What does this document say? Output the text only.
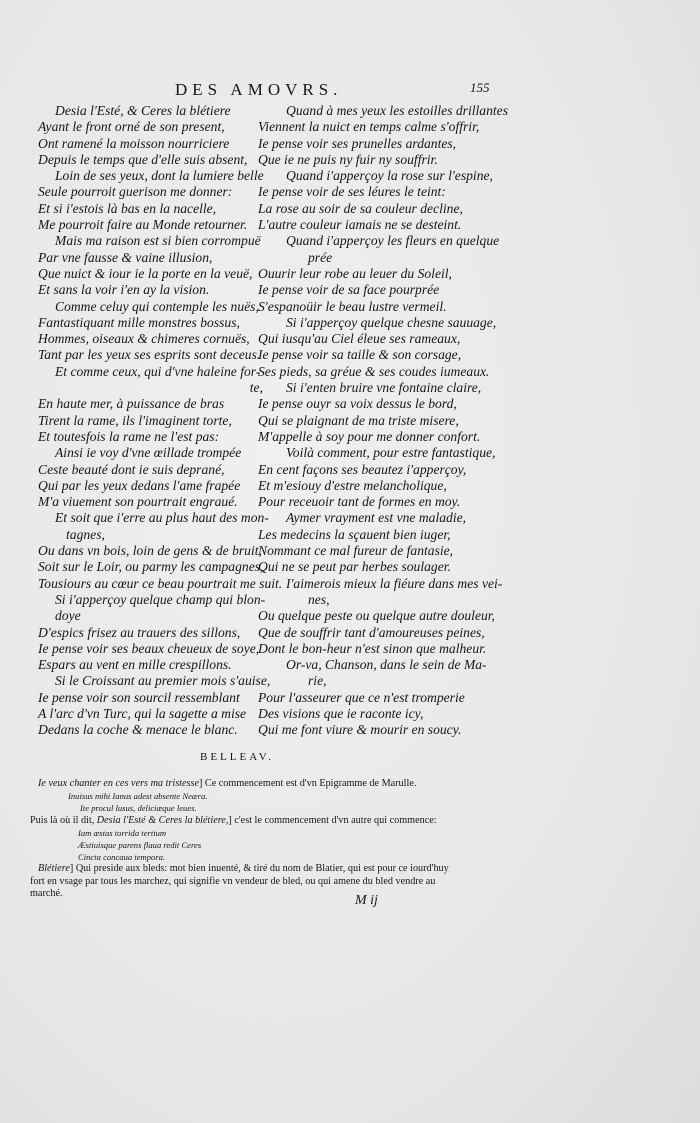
DES AMOVRS.	155
Desia l'Esté, & Ceres la blétiere
Ayant le front orné de son present,
Ont ramené la moisson nourriciere
Depuis le temps que d'elle suis absent,
Loin de ses yeux, dont la lumiere belle
Seule pourroit guerison me donner:
Et si i'estois là bas en la nacelle,
Me pourroit faire au Monde retourner.
Mais ma raison est si bien corrompuë
Par vne fausse & vaine illusion,
Que nuict & iour ie la porte en la veuë,
Et sans la voir i'en ay la vision.
Comme celuy qui contemple les nuës,
Fantastiquant mille monstres bossus,
Hommes, oiseaux & chimeres cornuës,
Tant par les yeux ses esprits sont deceus.
Et comme ceux, qui d'vne haleine for-
te,
En haute mer, à puissance de bras
Tirent la rame, ils l'imaginent torte,
Et toutesfois la rame ne l'est pas:
Ainsi ie voy d'vne œillade trompée
Ceste beauté dont ie suis deprané,
Qui par les yeux dedans l'ame frapée
M'a viuement son pourtrait engraué.
Et soit que i'erre au plus haut des mon-
tagnes,
Ou dans vn bois, loin de gens & de bruit,
Soit sur le Loir, ou parmy les campagnes,
Tousiours au cœur ce beau pourtrait me suit.
Si i'apperçoy quelque champ qui blon-
doye
D'espics frisez au trauers des sillons,
Ie pense voir ses beaux cheueux de soye,
Espars au vent en mille crespillons.
Si le Croissant au premier mois s'auise,
Ie pense voir son sourcil ressemblant
A l'arc d'vn Turc, qui la sagette a mise
Dedans la coche & menace le blanc.
Quand à mes yeux les estoilles drillantes
Viennent la nuict en temps calme s'offrir,
Ie pense voir ses prunelles ardantes,
Que ie ne puis ny fuir ny souffrir.
Quand i'apperçoy la rose sur l'espine,
Ie pense voir de ses léures le teint:
La rose au soir de sa couleur decline,
L'autre couleur iamais ne se desteint.
Quand i'apperçoy les fleurs en quelque
prée
Ouurir leur robe au leuer du Soleil,
Ie pense voir de sa face pourprée
S'espanoüir le beau lustre vermeil.
Si i'apperçoy quelque chesne sauuage,
Qui iusqu'au Ciel éleue ses rameaux,
Ie pense voir sa taille & son corsage,
Ses pieds, sa gréue & ses coudes iumeaux.
Si i'enten bruire vne fontaine claire,
Ie pense ouyr sa voix dessus le bord,
Qui se plaignant de ma triste misere,
M'appelle à soy pour me donner confort.
Voilà comment, pour estre fantastique,
En cent façons ses beautez i'apperçoy,
Et m'esiouy d'estre melancholique,
Pour receuoir tant de formes en moy.
Aymer vrayment est vne maladie,
Les medecins la sçauent bien iuger,
Nommant ce mal fureur de fantasie,
Qui ne se peut par herbes soulager.
I'aimerois mieux la fiéure dans mes vei-
nes,
Ou quelque peste ou quelque autre douleur,
Que de souffrir tant d'amoureuses peines,
Dont le bon-heur n'est sinon que malheur.
Or-va, Chanson, dans le sein de Ma-
rie,
Pour l'asseurer que ce n'est tromperie
Des visions que ie raconte icy,
Qui me font viure & mourir en soucy.
BELLEAV.
Ie veux chanter en ces vers ma tristesse] Ce commencement est d'vn Epigramme de Marulle.
Inuisus mihi Ianus adest absente Neæra.
Ite procul lusus, deliciæque leues.
Puis là où il dit, Desia l'Esté & Ceres la blétiere,] c'est le commencement d'vn autre qui commence:
Iam æstas torrida tertium
Æstiuisque parens flaua redit Ceres
Cincta concaua tempora.
Blétiere] Qui preside aux bleds: mot bien inuenté, & tiré du nom de Blatier, qui est pour ce iourd'huy
fort en vsage par tous les marchez, qui signifie vn vendeur de bled, ou qui amene du bled vendre au
marché.	M ij
